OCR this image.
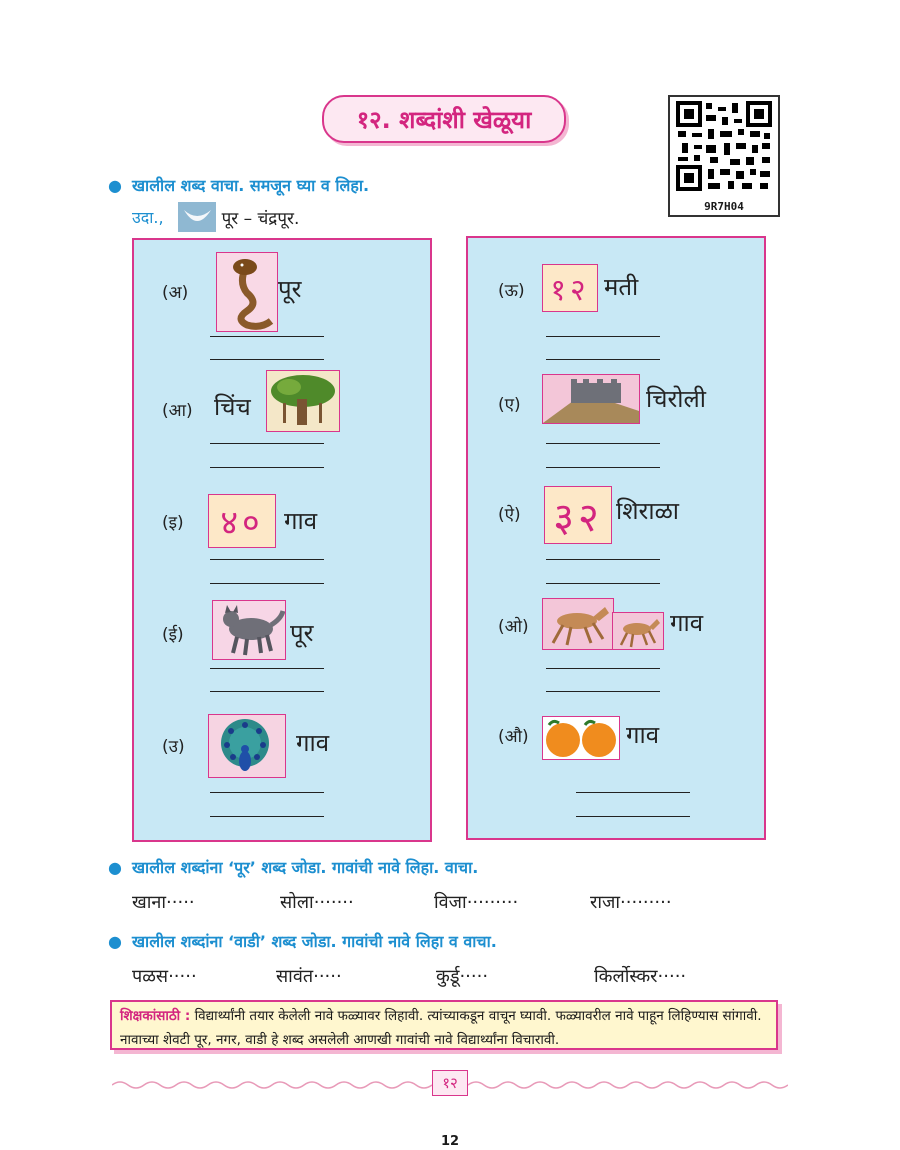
१२. शब्दांशी खेळूया
9R7H04
● खालील शब्द वाचा. समजून घ्या व लिहा.
उदा.,	पूर – चंद्रपूर.
(अ)	पूर
(आ) चिंच
(इ)	४० गाव
(ई)	पूर
(उ)	गाव
(ऊ) १२ मती
(ए)	चिरोली
(ऐ) ३२ शिराळा
(ओ)	गाव
(औ)	गाव
● खालील शब्दांना ‘पूर’ शब्द जोडा. गावांची नावे लिहा. वाचा.
खाना·····	सोला·······	विजा·········	राजा·········
● खालील शब्दांना ‘वाडी’ शब्द जोडा. गावांची नावे लिहा व वाचा.
पळस·····	सावंत·····	कुर्डू·····	किर्लोस्कर·····
शिक्षकांसाठी : विद्यार्थ्यांनी तयार केलेली नावे फळ्यावर लिहावी. त्यांच्याकडून वाचून घ्यावी. फळ्यावरील नावे पाहून लिहिण्यास सांगावी. नावाच्या शेवटी पूर, नगर, वाडी हे शब्द असलेली आणखी गावांची नावे विद्यार्थ्यांना विचारावी.
१२
12
